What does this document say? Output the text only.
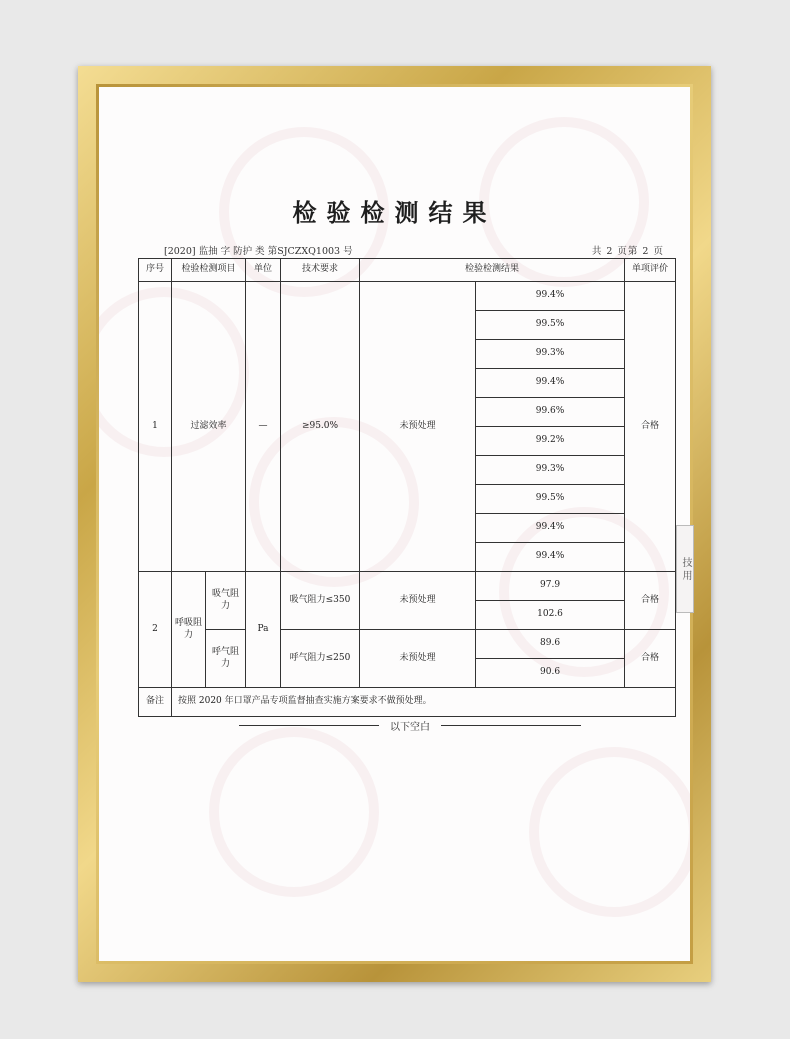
检验检测结果
[2020] 监抽 字 防护 类 第SJCZXQ1003 号	共 2 页第 2 页
序号	检验检测项目		单位	技术要求	检验检测结果		单项评价
1	过滤效率		—	≥95.0%	未预处理	99.4%	合格
						99.5%	
						99.3%	
						99.4%	
						99.6%	
						99.2%	
						99.3%	
						99.5%	
						99.4%	
						99.4%	
2	呼吸阻力	吸气阻力	Pa	吸气阻力≤350	未预处理	97.9	合格
						102.6	
		呼气阻力		呼气阻力≤250	未预处理	89.6	合格
						90.6	
备注	按照 2020 年口罩产品专项监督抽查实施方案要求不做预处理。						
以下空白
技 用
